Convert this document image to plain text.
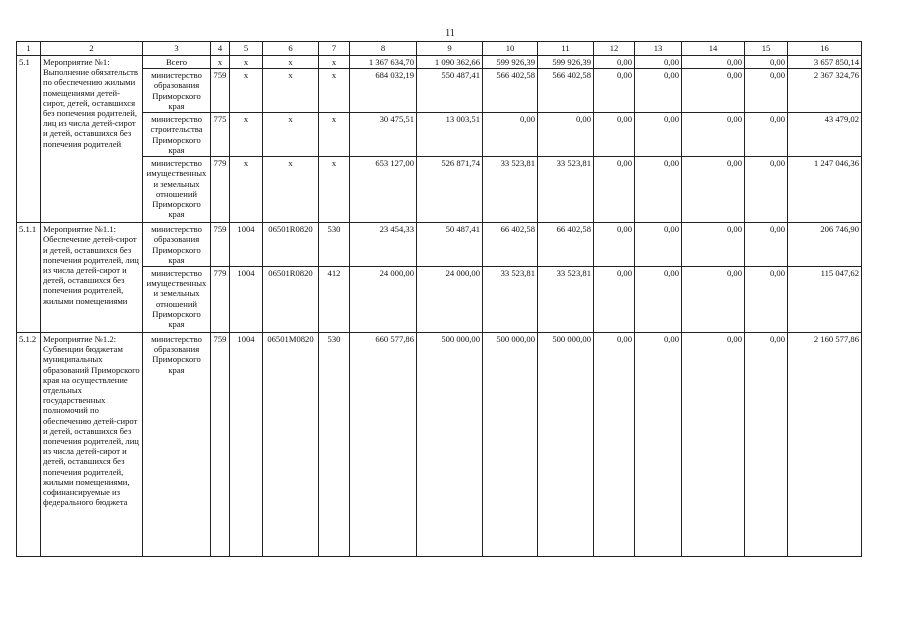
11
1	2	3	4	5	6	7	8	9	10	11	12	13	14	15	16
5.1	Мероприятие №1: Выполнение обязательств по обеспечению жилыми помещениями детей-сирот, детей, оставшихся без попечения родителей, лиц из числа детей-сирот и детей, оставшихся без попечения родителей	Всего	x	x	x	x	1 367 634,70	1 090 362,66	599 926,39	599 926,39	0,00	0,00	0,00	0,00	3 657 850,14
		министерство образования Приморского края	759	x	x	x	684 032,19	550 487,41	566 402,58	566 402,58	0,00	0,00	0,00	0,00	2 367 324,76
		министерство строительства Приморского края	775	x	x	x	30 475,51	13 003,51	0,00	0,00	0,00	0,00	0,00	0,00	43 479,02
		министерство имущественных и земельных отношений Приморского края	779	x	x	x	653 127,00	526 871,74	33 523,81	33 523,81	0,00	0,00	0,00	0,00	1 247 046,36
5.1.1	Мероприятие №1.1: Обеспечение детей-сирот и детей, оставшихся без попечения родителей, лиц из числа детей-сирот и детей, оставшихся без попечения родителей, жилыми помещениями	министерство образования Приморского края	759	1004	06501R0820	530	23 454,33	50 487,41	66 402,58	66 402,58	0,00	0,00	0,00	0,00	206 746,90
		министерство имущественных и земельных отношений Приморского края	779	1004	06501R0820	412	24 000,00	24 000,00	33 523,81	33 523,81	0,00	0,00	0,00	0,00	115 047,62
5.1.2	Мероприятие №1.2: Субвенции бюджетам муниципальных образований Приморского края на осуществление отдельных государственных полномочий по обеспечению детей-сирот и детей, оставшихся без попечения родителей, лиц из числа детей-сирот и детей, оставшихся без попечения родителей, жилыми помещениями, софинансируемые из федерального бюджета	министерство образования Приморского края	759	1004	06501M0820	530	660 577,86	500 000,00	500 000,00	500 000,00	0,00	0,00	0,00	0,00	2 160 577,86
